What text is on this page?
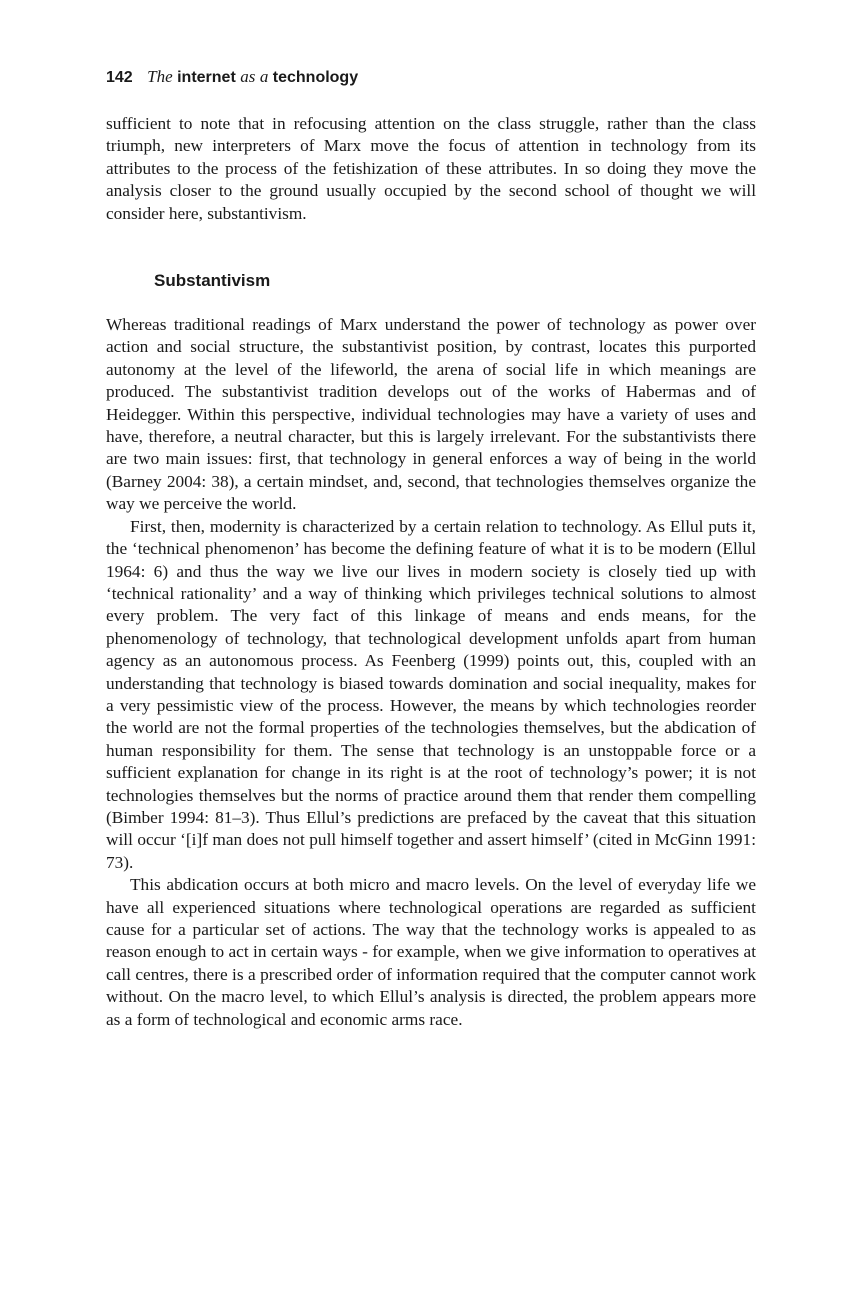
142 The internet as a technology

sufficient to note that in refocusing attention on the class struggle, rather than the class triumph, new interpreters of Marx move the focus of attention in technology from its attributes to the process of the fetishization of these attributes. In so doing they move the analysis closer to the ground usually occupied by the second school of thought we will consider here, substantivism.

Substantivism

Whereas traditional readings of Marx understand the power of technology as power over action and social structure, the substantivist position, by contrast, locates this purported autonomy at the level of the lifeworld, the arena of social life in which meanings are produced. The substantivist tradition develops out of the works of Habermas and of Heidegger. Within this perspective, individual technologies may have a variety of uses and have, therefore, a neutral character, but this is largely irrelevant. For the substantivists there are two main issues: first, that technology in general enforces a way of being in the world (Barney 2004: 38), a certain mindset, and, second, that technologies themselves organize the way we perceive the world.

First, then, modernity is characterized by a certain relation to technology. As Ellul puts it, the ‘technical phenomenon’ has become the defining feature of what it is to be modern (Ellul 1964: 6) and thus the way we live our lives in modern society is closely tied up with ‘technical rationality’ and a way of thinking which privileges technical solutions to almost every problem. The very fact of this linkage of means and ends means, for the phenomenology of technology, that technological development unfolds apart from human agency as an autonomous process. As Feenberg (1999) points out, this, coupled with an understanding that technology is biased towards domination and social inequality, makes for a very pessimistic view of the process. However, the means by which technologies reorder the world are not the formal properties of the technologies themselves, but the abdication of human responsibility for them. The sense that technology is an unstoppable force or a sufficient explanation for change in its right is at the root of technology’s power; it is not technologies themselves but the norms of practice around them that render them compelling (Bimber 1994: 81–3). Thus Ellul’s predictions are prefaced by the caveat that this situation will occur ‘[i]f man does not pull himself together and assert himself’ (cited in McGinn 1991: 73).

This abdication occurs at both micro and macro levels. On the level of everyday life we have all experienced situations where technological operations are regarded as sufficient cause for a particular set of actions. The way that the technology works is appealed to as reason enough to act in certain ways - for example, when we give information to operatives at call centres, there is a prescribed order of information required that the computer cannot work without. On the macro level, to which Ellul’s analysis is directed, the problem appears more as a form of technological and economic arms race.
